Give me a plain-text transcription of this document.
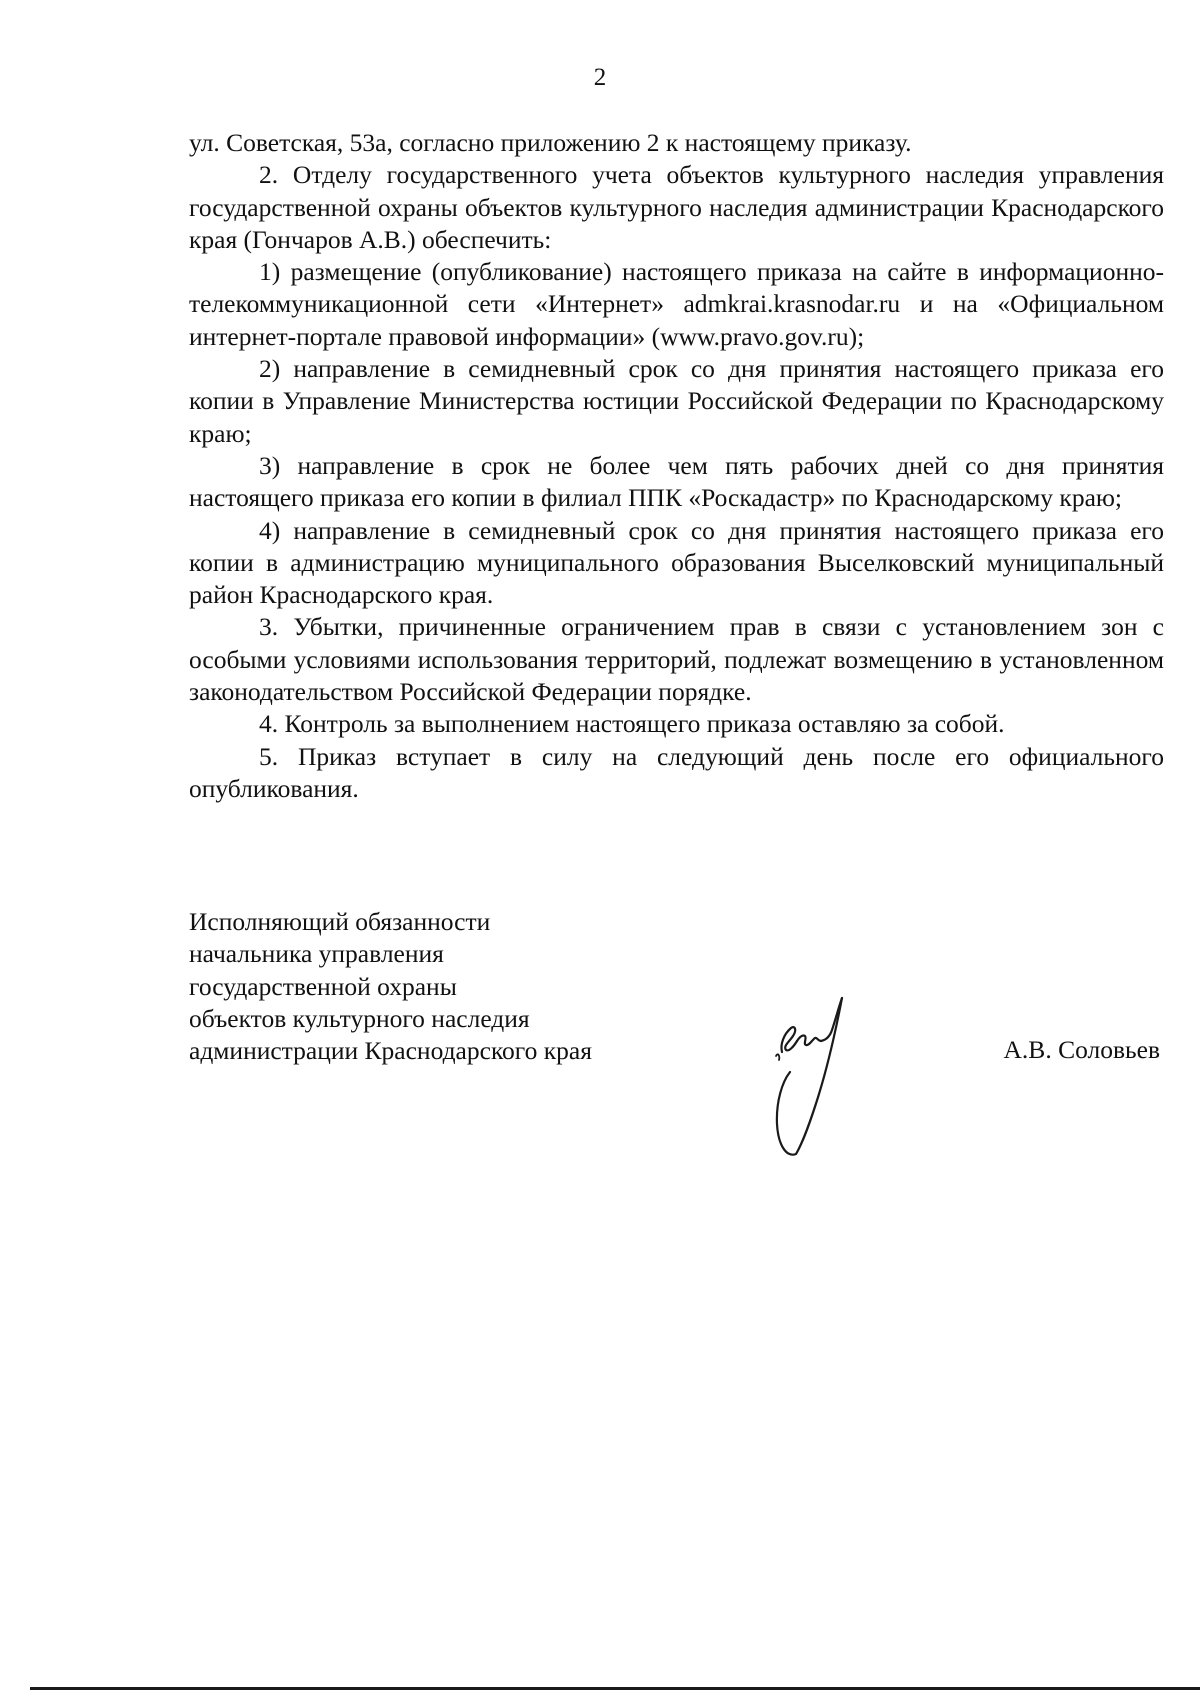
2

ул. Советская, 53а, согласно приложению 2 к настоящему приказу.

2. Отделу государственного учета объектов культурного наследия управления государственной охраны объектов культурного наследия администрации Краснодарского края (Гончаров А.В.) обеспечить:

1) размещение (опубликование) настоящего приказа на сайте в информационно-телекоммуникационной сети «Интернет» admkrai.krasnodar.ru и на «Официальном интернет-портале правовой информации» (www.pravo.gov.ru);

2) направление в семидневный срок со дня принятия настоящего приказа его копии в Управление Министерства юстиции Российской Федерации по Краснодарскому краю;

3) направление в срок не более чем пять рабочих дней со дня принятия настоящего приказа его копии в филиал ППК «Роскадастр» по Краснодарскому краю;

4) направление в семидневный срок со дня принятия настоящего приказа его копии в администрацию муниципального образования Выселковский муниципальный район Краснодарского края.

3. Убытки, причиненные ограничением прав в связи с установлением зон с особыми условиями использования территорий, подлежат возмещению в установленном законодательством Российской Федерации порядке.

4. Контроль за выполнением настоящего приказа оставляю за собой.

5. Приказ вступает в силу на следующий день после его официального опубликования.

Исполняющий обязанности
начальника управления
государственной охраны
объектов культурного наследия
администрации Краснодарского края	А.В. Соловьев
